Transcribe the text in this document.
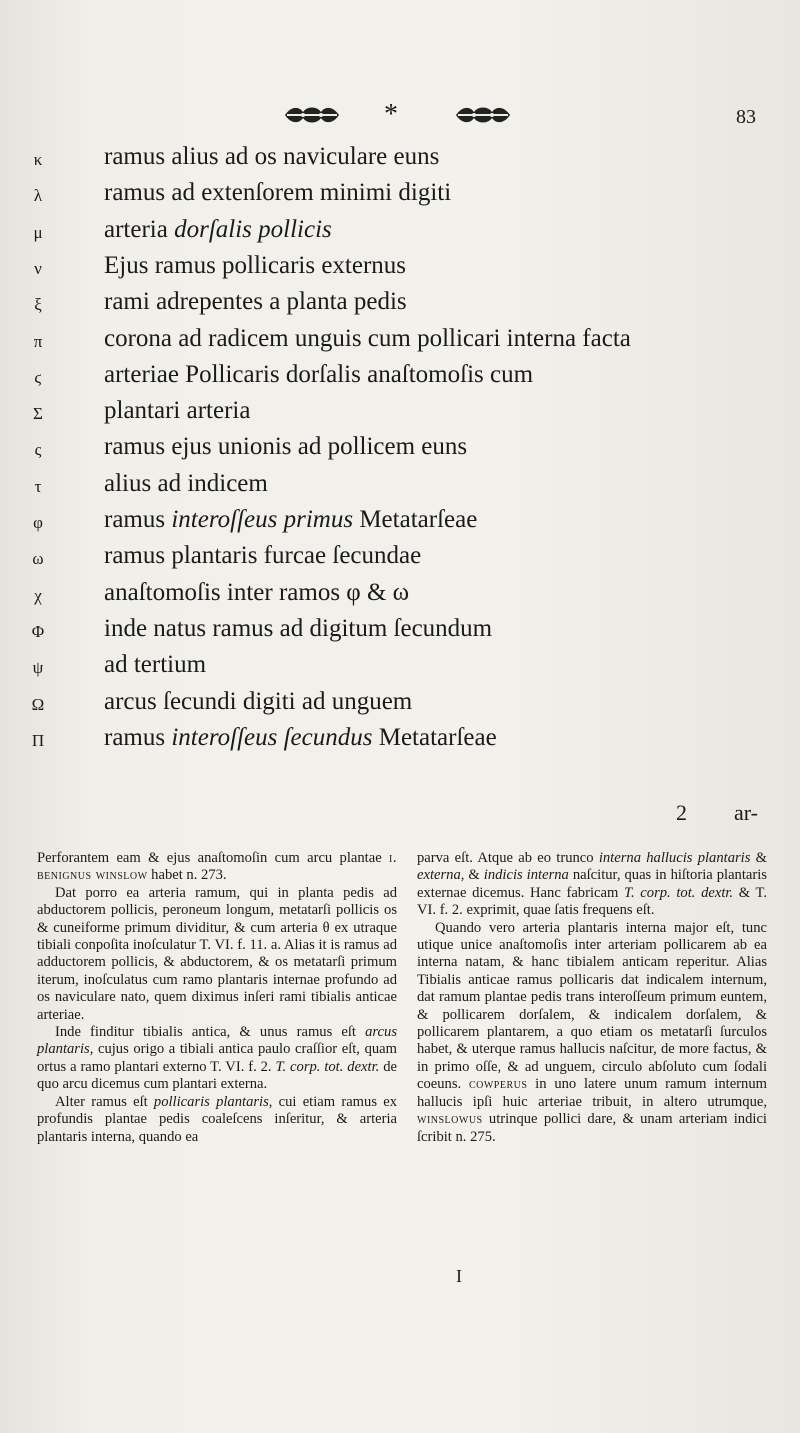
*	83
κ ramus alius ad os naviculare euns
λ ramus ad extenſorem minimi digiti
μ arteria dorſalis pollicis
ν Ejus ramus pollicaris externus
ξ rami adrepentes a planta pedis
π corona ad radicem unguis cum pollicari interna facta
ϛ arteriae Pollicaris dorſalis anaſtomoſis cum
Σ plantari arteria
ς	ramus ejus unionis ad pollicem euns
τ	alius ad indicem
φ ramus interoſſeus primus Metatarſeae
ω ramus plantaris furcae ſecundae
χ anaſtomoſis inter ramos φ & ω
Φ inde natus ramus ad digitum ſecundum
ψ ad tertium
Ω arcus ſecundi digiti ad unguem
Π ramus interoſſeus ſecundus Metatarſeae
2 ar-

Perforantem eam & ejus anaſtomoſin cum arcu plantae i. benignus winslow habet n. 273.

Dat porro ea arteria ramum, qui in planta pedis ad abductorem pollicis, peroneum longum, metatarſi pollicis os & cuneiforme primum dividitur, & cum arteria θ ex utraque tibiali conpoſita inoſculatur T. VI. f. 11. a. Alias it is ramus ad adductorem pollicis, & abductorem, & os metatarſi primum iterum, inoſculatus cum ramo plantaris internae profundo ad os naviculare nato, quem diximus inſeri rami tibialis anticae arteriae.

Inde finditur tibialis antica, & unus ramus eſt arcus plantaris, cujus origo a tibiali antica paulo craſſior eſt, quam ortus a ramo plantari externo T. VI. f. 2. T. corp. tot. dextr. de quo arcu dicemus cum plantari externa.

Alter ramus eſt pollicaris plantaris, cui etiam ramus ex profundis plantae pedis coaleſcens inſeritur, & arteria plantaris interna, quando ea

parva eſt. Atque ab eo trunco interna hallucis plantaris & externa, & indicis interna naſcitur, quas in hiſtoria plantaris externae dicemus. Hanc fabricam T. corp. tot. dextr. & T. VI. f. 2. exprimit, quae ſatis frequens eſt.

Quando vero arteria plantaris interna major eſt, tunc utique unice anaſtomoſis inter arteriam pollicarem ab ea interna natam, & hanc tibialem anticam reperitur. Alias Tibialis anticae ramus pollicaris dat indicalem internum, dat ramum plantae pedis trans interoſſeum primum euntem, & pollicarem dorſalem, & indicalem dorſalem, & pollicarem plantarem, a quo etiam os metatarſi ſurculos habet, & uterque ramus hallucis naſcitur, de more factus, & in primo oſſe, & ad unguem, circulo abſoluto cum ſodali coeuns. cowperus in uno latere unum ramum internum hallucis ipſi huic arteriae tribuit, in altero utrumque, winslowus utrinque pollici dare, & unam arteriam indici ſcribit n. 275.

I
